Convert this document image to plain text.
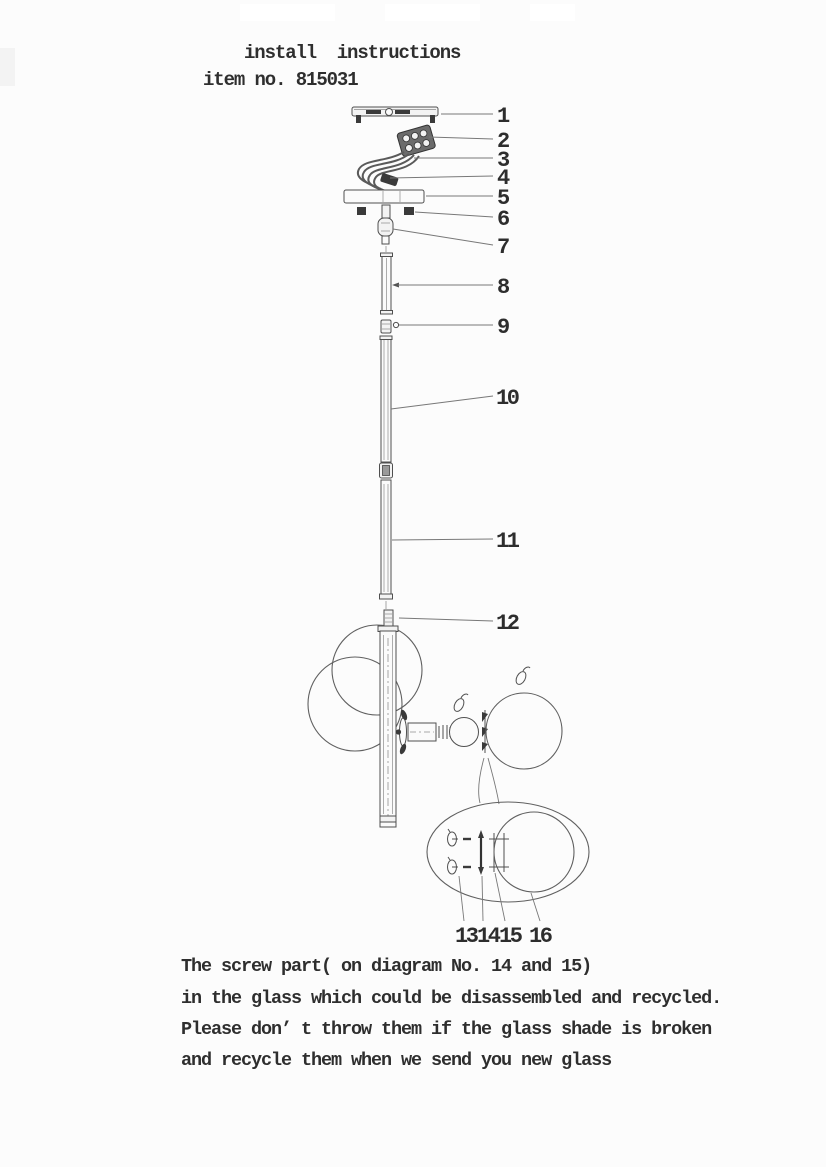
install  instructions
item no. 815031
1
2
3
4
5
6
7
8
9
10
11
12
13 14 15 16
The screw part( on diagram No. 14 and 15)
in the glass which could be disassembled and recycled.
Please don’ t throw them if the glass shade is broken
and recycle them when we send you new glass
